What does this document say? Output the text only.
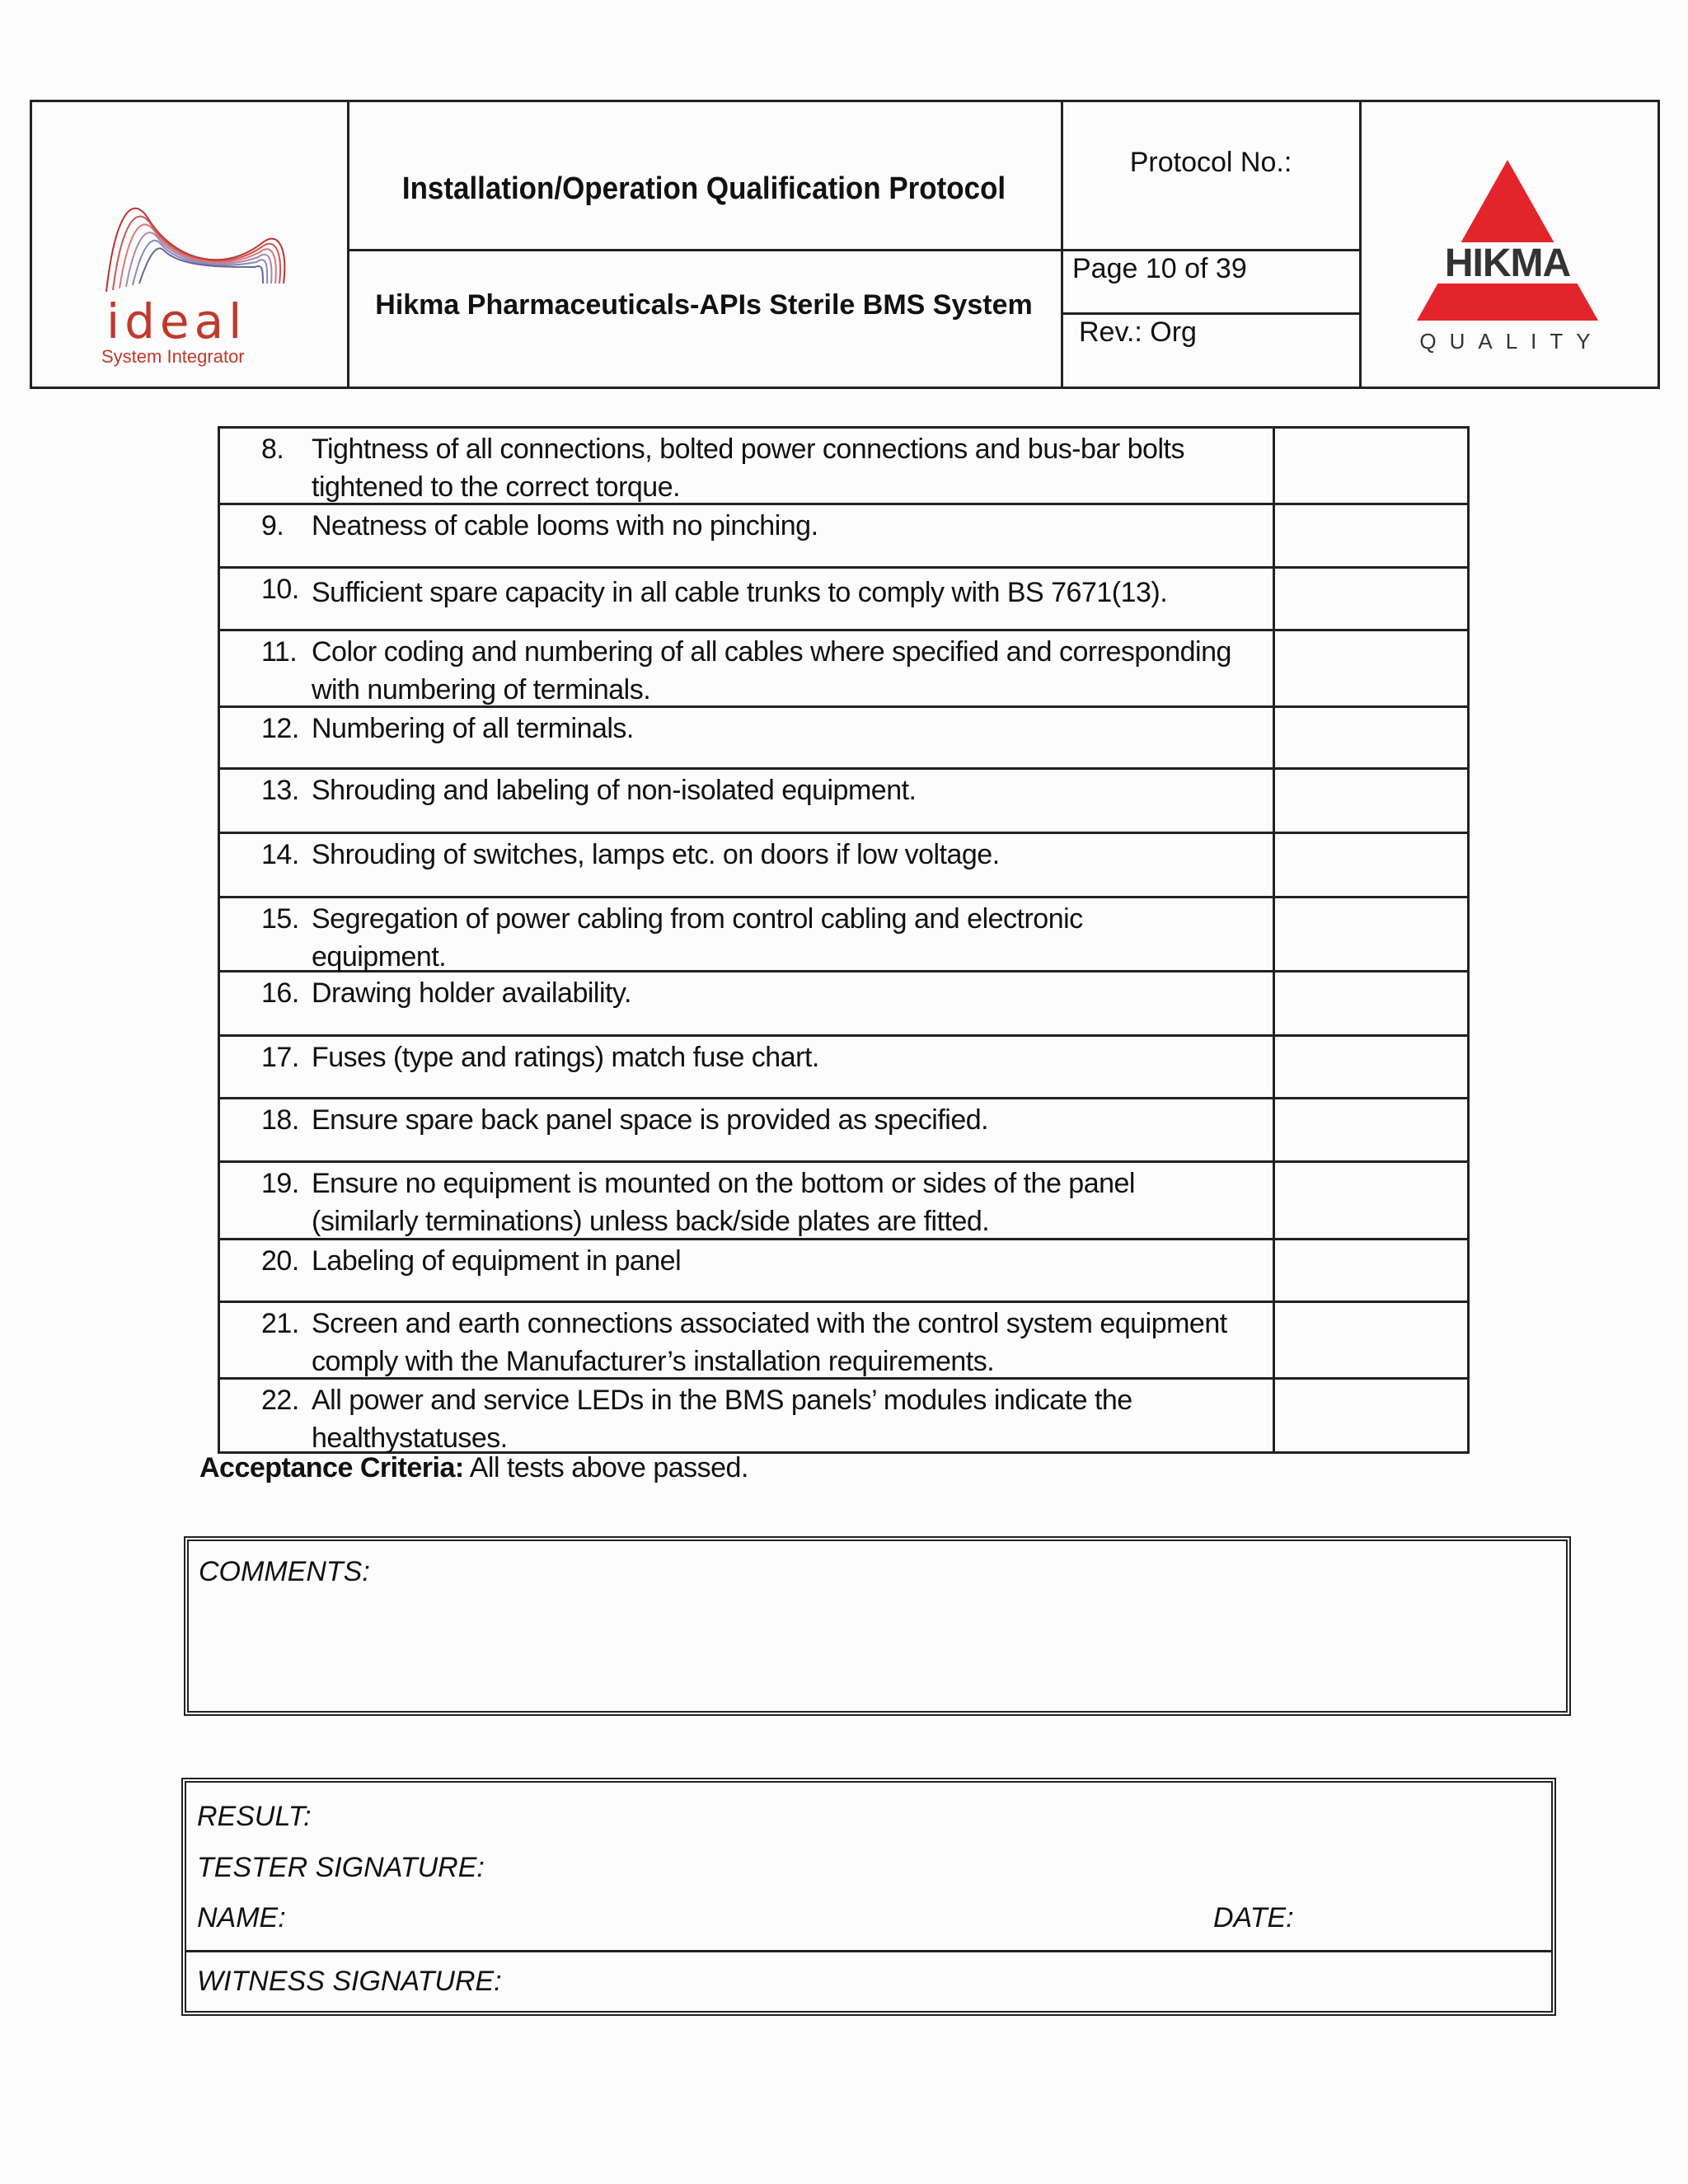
ideal
System Integrator
Installation/Operation Qualification Protocol
Hikma Pharmaceuticals-APIs Sterile BMS System
Protocol No.:
Page 10 of 39
Rev.: Org
HIKMA
QUALITY
8. Tightness of all connections, bolted power connections and bus-bar bolts tightened to the correct torque.
9. Neatness of cable looms with no pinching.
10. Sufficient spare capacity in all cable trunks to comply with BS 7671(13).
11. Color coding and numbering of all cables where specified and corresponding with numbering of terminals.
12. Numbering of all terminals.
13. Shrouding and labeling of non-isolated equipment.
14. Shrouding of switches, lamps etc. on doors if low voltage.
15. Segregation of power cabling from control cabling and electronic equipment.
16. Drawing holder availability.
17. Fuses (type and ratings) match fuse chart.
18. Ensure spare back panel space is provided as specified.
19. Ensure no equipment is mounted on the bottom or sides of the panel (similarly terminations) unless back/side plates are fitted.
20. Labeling of equipment in panel
21. Screen and earth connections associated with the control system equipment comply with the Manufacturer’s installation requirements.
22. All power and service LEDs in the BMS panels’ modules indicate the healthystatuses.
Acceptance Criteria: All tests above passed.
COMMENTS:
RESULT:
TESTER SIGNATURE:
NAME:	DATE:
WITNESS SIGNATURE:
